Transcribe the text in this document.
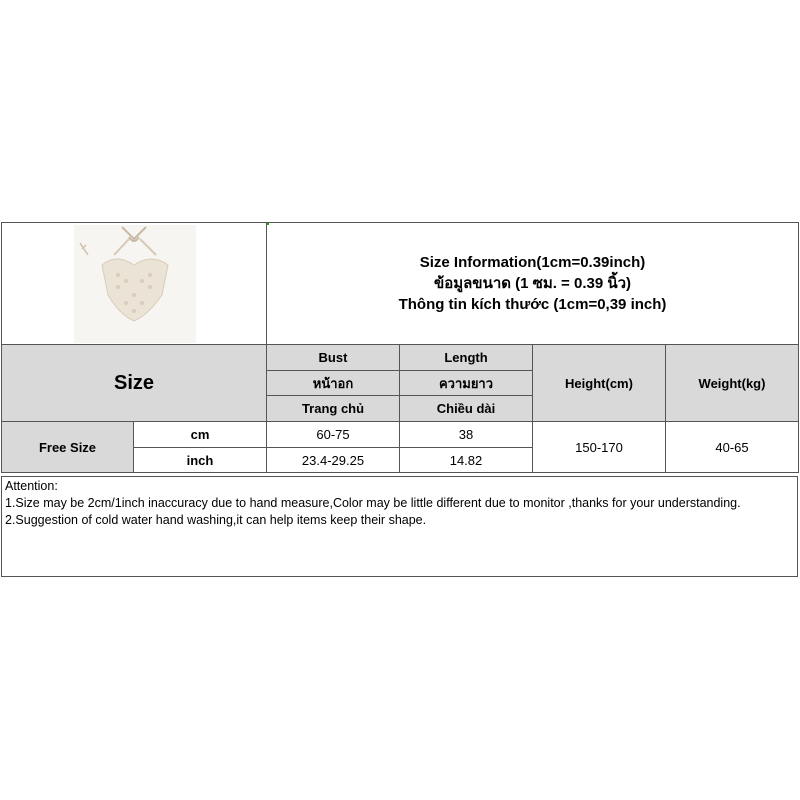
Size Information(1cm=0.39inch)
ข้อมูลขนาด (1 ซม. = 0.39 นิ้ว)
Thông tin kích thước (1cm=0,39 inch)
Size
Bust
หน้าอก
Trang chủ
Length
ความยาว
Chiều dài
Height(cm)	Weight(kg)
Free Size
cm
inch
60-75
23.4-29.25
38
14.82
150-170	40-65
Attention:
1.Size may be 2cm/1inch inaccuracy due to hand measure,Color may be little different due to monitor ,thanks for your understanding.
2.Suggestion of cold water hand washing,it can help items keep their shape.
